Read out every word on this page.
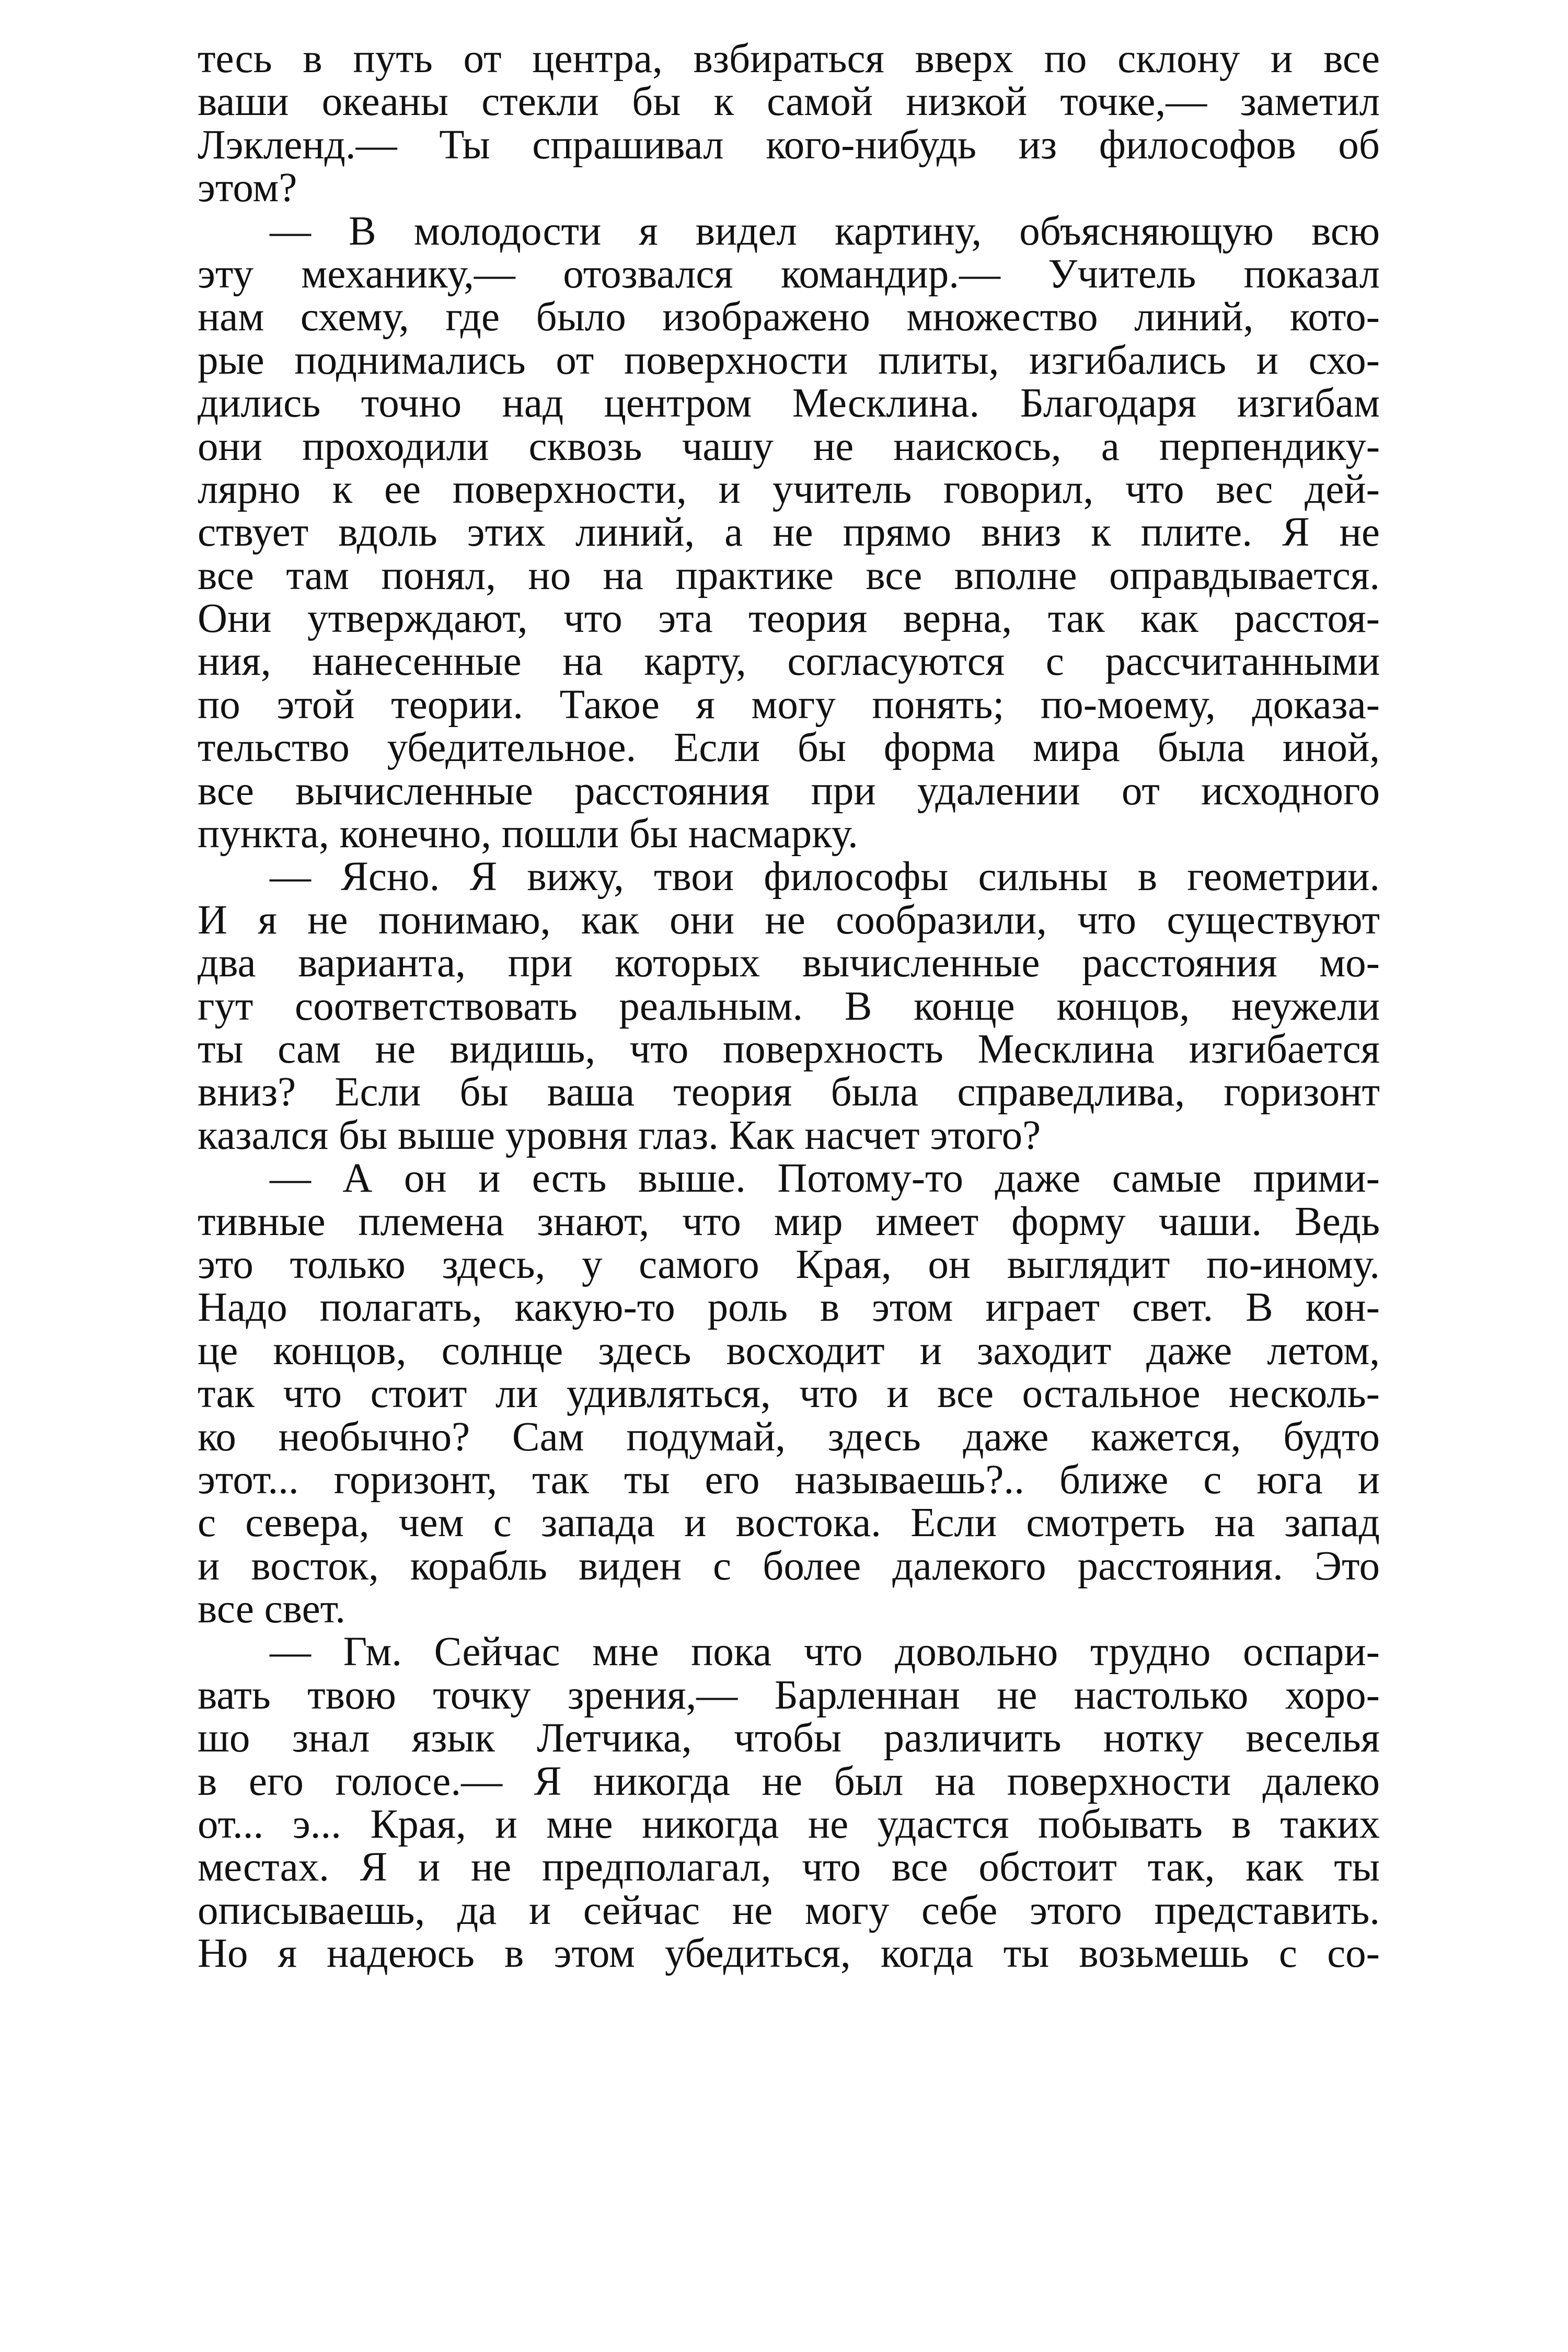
тесь в путь от центра, взбираться вверх по склону и все
ваши океаны стекли бы к самой низкой точке,— заметил
Лэкленд.— Ты спрашивал кого-нибудь из философов об
этом?
— В молодости я видел картину, объясняющую всю
эту механику,— отозвался командир.— Учитель показал
нам схему, где было изображено множество линий, кото-
рые поднимались от поверхности плиты, изгибались и схо-
дились точно над центром Месклина. Благодаря изгибам
они проходили сквозь чашу не наискось, а перпендику-
лярно к ее поверхности, и учитель говорил, что вес дей-
ствует вдоль этих линий, а не прямо вниз к плите. Я не
все там понял, но на практике все вполне оправдывается.
Они утверждают, что эта теория верна, так как расстоя-
ния, нанесенные на карту, согласуются с рассчитанными
по этой теории. Такое я могу понять; по-моему, доказа-
тельство убедительное. Если бы форма мира была иной,
все вычисленные расстояния при удалении от исходного
пункта, конечно, пошли бы насмарку.
— Ясно. Я вижу, твои философы сильны в геометрии.
И я не понимаю, как они не сообразили, что существуют
два варианта, при которых вычисленные расстояния мо-
гут соответствовать реальным. В конце концов, неужели
ты сам не видишь, что поверхность Месклина изгибается
вниз? Если бы ваша теория была справедлива, горизонт
казался бы выше уровня глаз. Как насчет этого?
— А он и есть выше. Потому-то даже самые прими-
тивные племена знают, что мир имеет форму чаши. Ведь
это только здесь, у самого Края, он выглядит по-иному.
Надо полагать, какую-то роль в этом играет свет. В кон-
це концов, солнце здесь восходит и заходит даже летом,
так что стоит ли удивляться, что и все остальное несколь-
ко необычно? Сам подумай, здесь даже кажется, будто
этот... горизонт, так ты его называешь?.. ближе с юга и
с севера, чем с запада и востока. Если смотреть на запад
и восток, корабль виден с более далекого расстояния. Это
все свет.
— Гм. Сейчас мне пока что довольно трудно оспари-
вать твою точку зрения,— Барленнан не настолько хоро-
шо знал язык Летчика, чтобы различить нотку веселья
в его голосе.— Я никогда не был на поверхности далеко
от... э... Края, и мне никогда не удастся побывать в таких
местах. Я и не предполагал, что все обстоит так, как ты
описываешь, да и сейчас не могу себе этого представить.
Но я надеюсь в этом убедиться, когда ты возьмешь с со-
